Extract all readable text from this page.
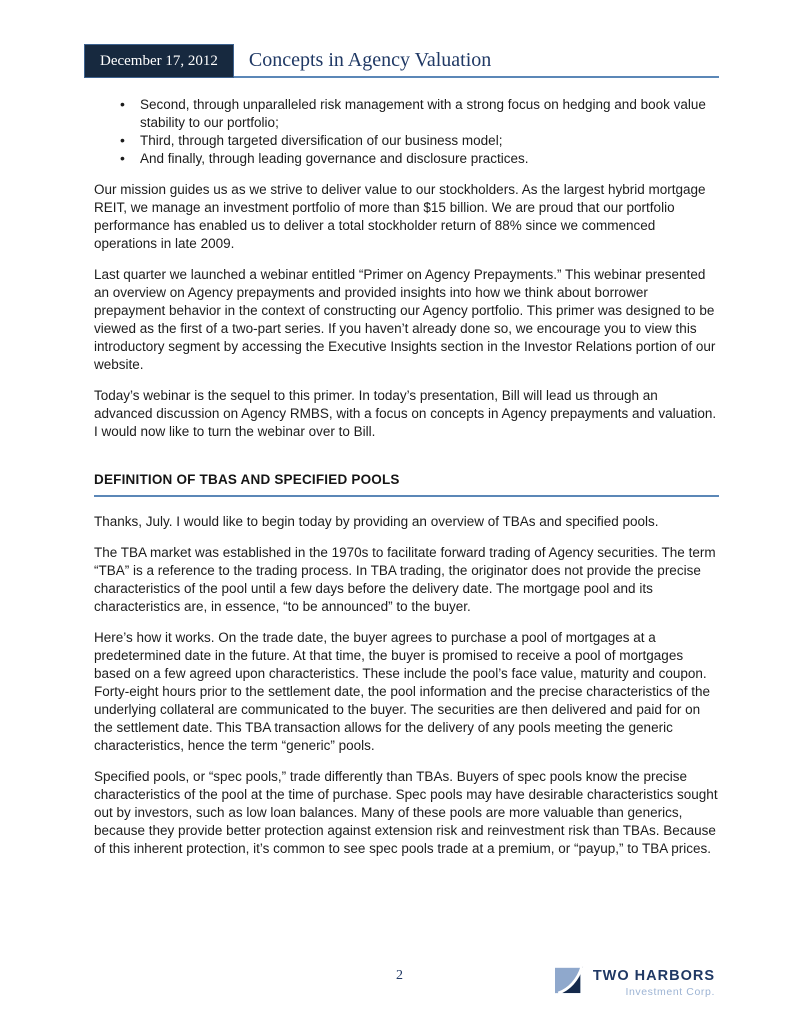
December 17, 2012 Concepts in Agency Valuation
• Second, through unparalleled risk management with a strong focus on hedging and book value stability to our portfolio;
• Third, through targeted diversification of our business model;
• And finally, through leading governance and disclosure practices.

Our mission guides us as we strive to deliver value to our stockholders. As the largest hybrid mortgage REIT, we manage an investment portfolio of more than $15 billion. We are proud that our portfolio performance has enabled us to deliver a total stockholder return of 88% since we commenced operations in late 2009.

Last quarter we launched a webinar entitled “Primer on Agency Prepayments.” This webinar presented an overview on Agency prepayments and provided insights into how we think about borrower prepayment behavior in the context of constructing our Agency portfolio. This primer was designed to be viewed as the first of a two-part series. If you haven’t already done so, we encourage you to view this introductory segment by accessing the Executive Insights section in the Investor Relations portion of our website.

Today’s webinar is the sequel to this primer. In today’s presentation, Bill will lead us through an advanced discussion on Agency RMBS, with a focus on concepts in Agency prepayments and valuation. I would now like to turn the webinar over to Bill.

DEFINITION OF TBAS AND SPECIFIED POOLS

Thanks, July. I would like to begin today by providing an overview of TBAs and specified pools.

The TBA market was established in the 1970s to facilitate forward trading of Agency securities. The term “TBA” is a reference to the trading process. In TBA trading, the originator does not provide the precise characteristics of the pool until a few days before the delivery date. The mortgage pool and its characteristics are, in essence, “to be announced” to the buyer.

Here’s how it works. On the trade date, the buyer agrees to purchase a pool of mortgages at a predetermined date in the future. At that time, the buyer is promised to receive a pool of mortgages based on a few agreed upon characteristics. These include the pool’s face value, maturity and coupon. Forty-eight hours prior to the settlement date, the pool information and the precise characteristics of the underlying collateral are communicated to the buyer. The securities are then delivered and paid for on the settlement date. This TBA transaction allows for the delivery of any pools meeting the generic characteristics, hence the term “generic” pools.

Specified pools, or “spec pools,” trade differently than TBAs. Buyers of spec pools know the precise characteristics of the pool at the time of purchase. Spec pools may have desirable characteristics sought out by investors, such as low loan balances. Many of these pools are more valuable than generics, because they provide better protection against extension risk and reinvestment risk than TBAs. Because of this inherent protection, it’s common to see spec pools trade at a premium, or “payup,” to TBA prices.

2	TWO HARBORS
Investment Corp.
